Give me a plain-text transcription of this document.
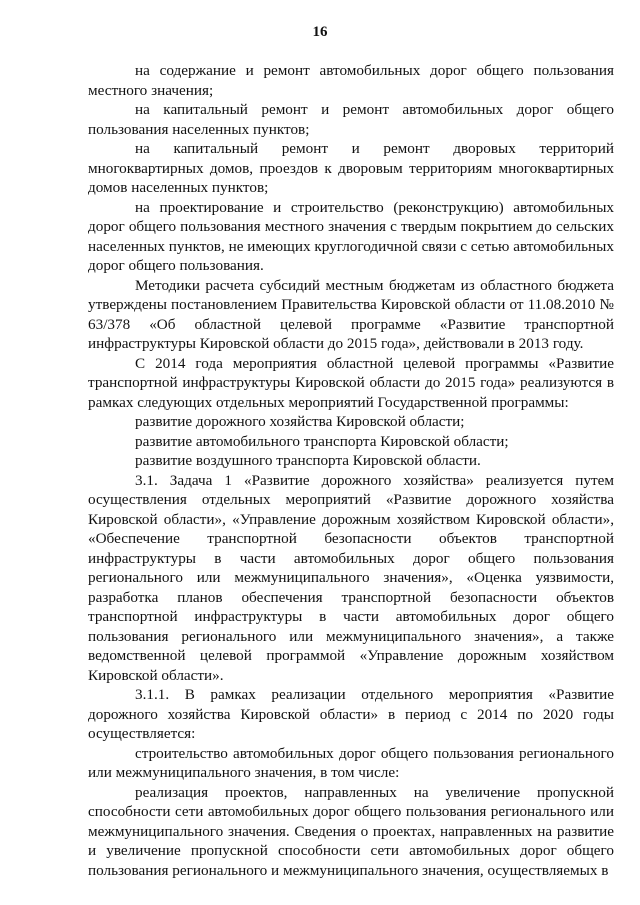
16

на содержание и ремонт автомобильных дорог общего пользования местного значения;

на капитальный ремонт и ремонт автомобильных дорог общего пользования населенных пунктов;

на капитальный ремонт и ремонт дворовых территорий многоквартирных домов, проездов к дворовым территориям многоквартирных домов населенных пунктов;

на проектирование и строительство (реконструкцию) автомобильных дорог общего пользования местного значения с твердым покрытием до сельских населенных пунктов, не имеющих круглогодичной связи с сетью автомобильных дорог общего пользования.

Методики расчета субсидий местным бюджетам из областного бюджета утверждены постановлением Правительства Кировской области от 11.08.2010 № 63/378 «Об областной целевой программе «Развитие транспортной инфраструктуры Кировской области до 2015 года», действовали в 2013 году.

С 2014 года мероприятия областной целевой программы «Развитие транспортной инфраструктуры Кировской области до 2015 года» реализуются в рамках следующих отдельных мероприятий Государственной программы:

развитие дорожного хозяйства Кировской области;

развитие автомобильного транспорта Кировской области;

развитие воздушного транспорта Кировской области.

3.1. Задача 1 «Развитие дорожного хозяйства» реализуется путем осуществления отдельных мероприятий «Развитие дорожного хозяйства Кировской области», «Управление дорожным хозяйством Кировской области», «Обеспечение транспортной безопасности объектов транспортной инфраструктуры в части автомобильных дорог общего пользования регионального или межмуниципального значения», «Оценка уязвимости, разработка планов обеспечения транспортной безопасности объектов транспортной инфраструктуры в части автомобильных дорог общего пользования регионального или межмуниципального значения», а также ведомственной целевой программой «Управление дорожным хозяйством Кировской области».

3.1.1. В рамках реализации отдельного мероприятия «Развитие дорожного хозяйства Кировской области» в период с 2014 по 2020 годы осуществляется:

строительство автомобильных дорог общего пользования регионального или межмуниципального значения, в том числе:

реализация проектов, направленных на увеличение пропускной способности сети автомобильных дорог общего пользования регионального или межмуниципального значения. Сведения о проектах, направленных на развитие и увеличение пропускной способности сети автомобильных дорог общего пользования регионального и межмуниципального значения, осуществляемых в
